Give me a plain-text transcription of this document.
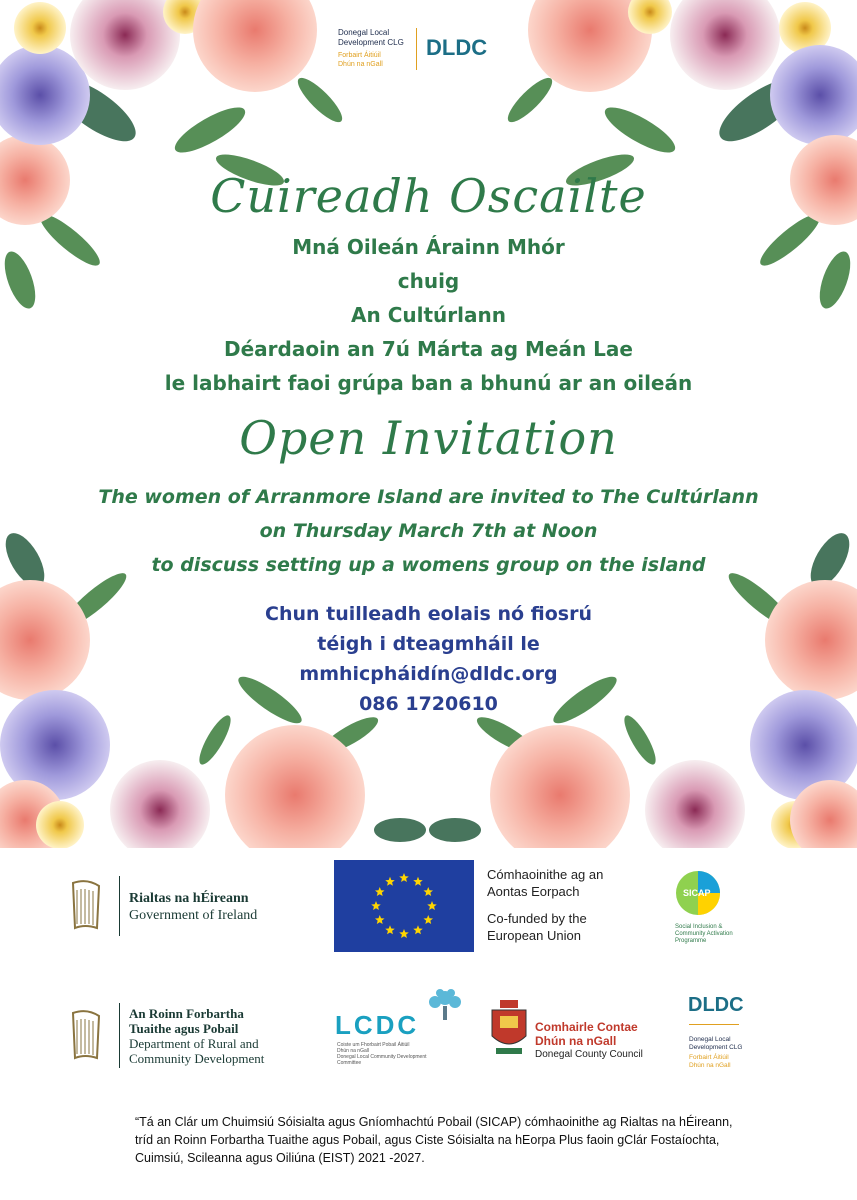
Donegal Local
Development CLG
Forbairt Áitiúil
Dhún na nGall
DLDC
Cuireadh Oscailte
Mná Oileán Árainn Mhór
chuig
An Cultúrlann
Déardaoin an 7ú Márta ag Meán Lae
le labhairt faoi grúpa ban a bhunú ar an oileán
Open Invitation
The women of Arranmore Island are invited to The Cultúrlann
on Thursday March 7th at Noon
to discuss setting up a womens group on the island
Chun tuilleadh eolais nó fiosrú
téigh i dteagmháil le
mmhicpháidín@dldc.org
086 1720610
Rialtas na hÉireann
Government of Ireland
Cómhaoinithe ag an
Aontas Eorpach
Co-funded by the
European Union
SICAP
Social Inclusion &
Community Activation
Programme
An Roinn Forbartha
Tuaithe agus Pobail
Department of Rural and
Community Development
LCDC
Coiste um Fhorbairt Pobail Áitiúil
Dhún na nGall
Donegal Local Community Development
Committee
Comhairle Contae
Dhún na nGall
Donegal County Council
DLDC
Donegal Local
Development CLG
Forbairt Áitiúil
Dhún na nGall
“Tá an Clár um Chuimsiú Sóisialta agus Gníomhachtú Pobail (SICAP) cómhaoinithe ag Rialtas na hÉireann, tríd an Roinn Forbartha Tuaithe agus Pobail, agus Ciste Sóisialta na hEorpa Plus faoin gClár Fostaíochta, Cuimsiú, Scileanna agus Oiliúna (EIST) 2021 -2027.
